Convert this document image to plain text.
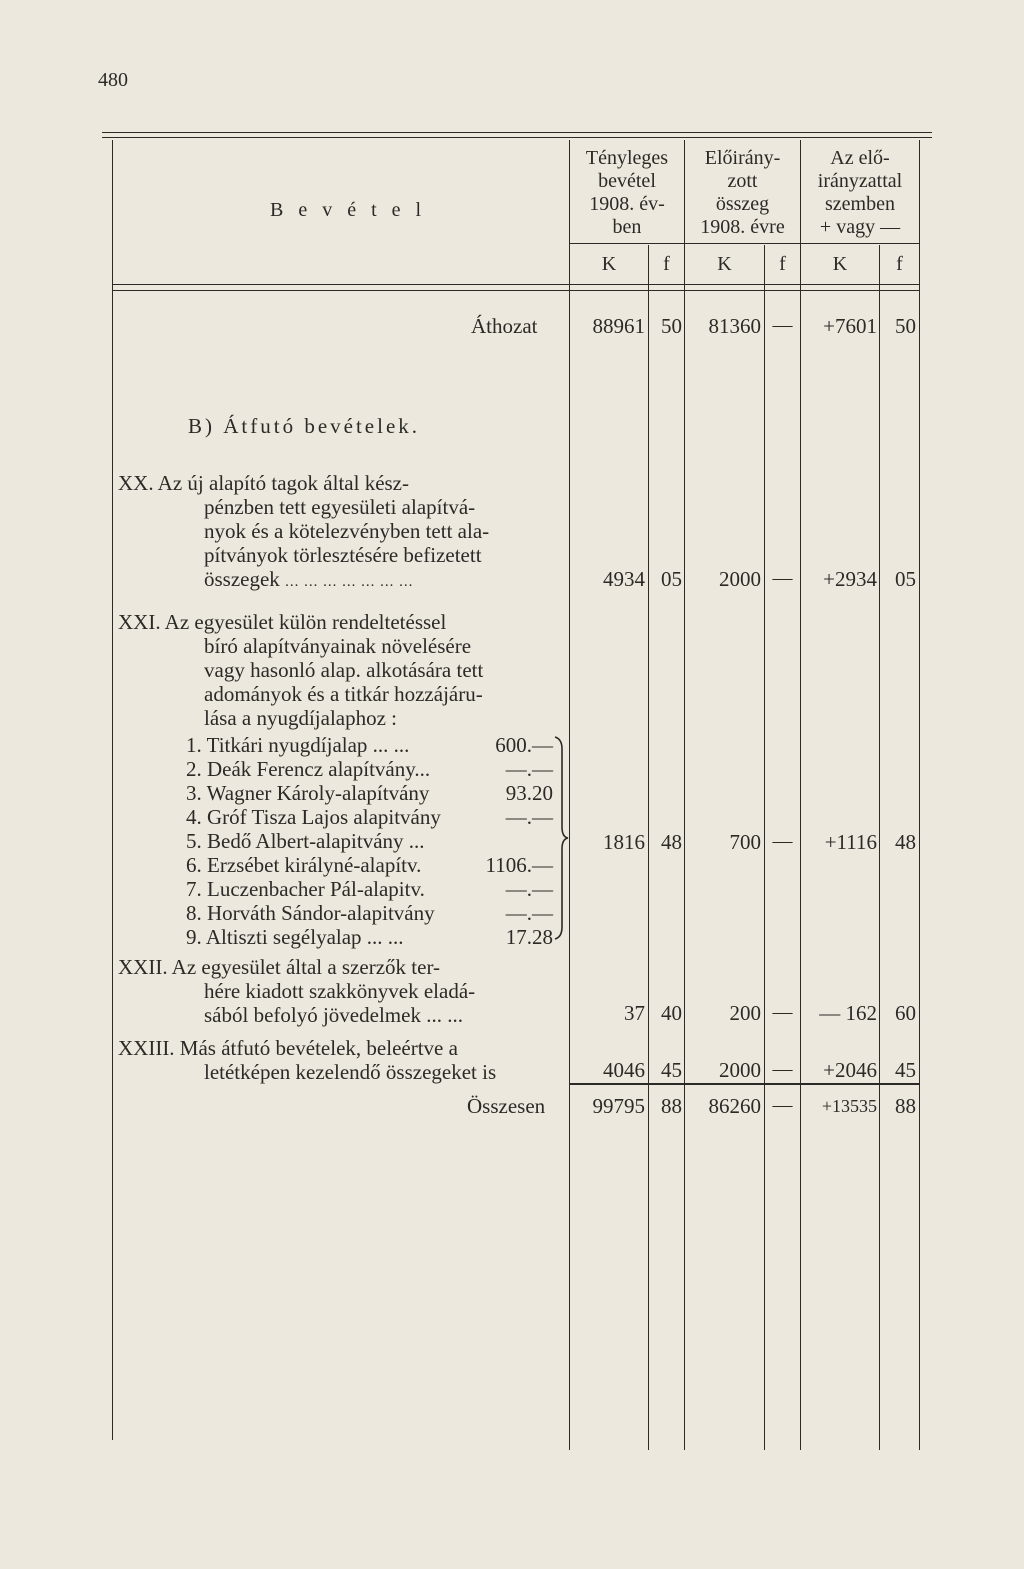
480
B e v é t e l
Tényleges
bevétel
1908. év-
ben
Előirány-
zott
összeg
1908. évre
Az elő-
irányzattal
szemben
+ vagy —
K	f	K	f	K	f
Áthozat	88961 50	81360 —	+7601 50
B) Átfutó bevételek.
XX. Az új alapító tagok által kész-
pénzben tett egyesületi alapítvá-
nyok és a kötelezvényben tett ala-
pítványok törlesztésére befizetett
összegek ... ... ... ... ... ... ...	4934 05	2000 —	+2934 05
XXI. Az egyesület külön rendeltetéssel
bíró alapítványainak növelésére
vagy hasonló alap. alkotására tett
adományok és a titkár hozzájáru-
lása a nyugdíjalaphoz :
1. Titkári nyugdíjalap ... ...	600.—
2. Deák Ferencz alapítvány...	—.—
3. Wagner Károly-alapítvány	93.20
4. Gróf Tisza Lajos alapitvány	—.—
5. Bedő Albert-alapitvány ...
6. Erzsébet királyné-alapítv.	1106.—
7. Luczenbacher Pál-alapitv.	—.—
8. Horváth Sándor-alapitvány	—.—
9. Altiszti segélyalap ... ...	17.28
1816 48	700 —	+1116 48
XXII. Az egyesület által a szerzők ter-
hére kiadott szakkönyvek eladá-
sából befolyó jövedelmek ... ...	37 40	200 —	— 162 60
XXIII. Más átfutó bevételek, beleértve a
letétképen kezelendő összegeket is	4046 45	2000 —	+2046 45
Összesen	99795 88	86260 —	+13535 88
